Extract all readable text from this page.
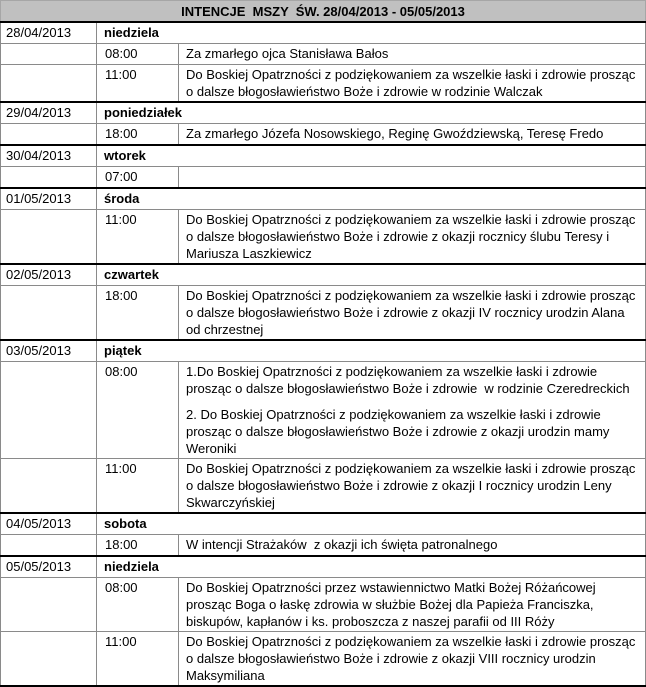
INTENCJE  MSZY  ŚW. 28/04/2013 - 05/05/2013		
28/04/2013	niedziela	
	08:00	Za zmarłego ojca Stanisława Bałos

	11:00	Do Boskiej Opatrzności z podziękowaniem za wszelkie łaski i zdrowie prosząc o dalsze błogosławieństwo Boże i zdrowie w rodzinie Walczak

29/04/2013	poniedziałek	
	18:00	Za zmarłego Józefa Nosowskiego, Reginę Gwoździewską, Teresę Fredo

30/04/2013	wtorek	
	07:00	
01/05/2013	środa	
	11:00	Do Boskiej Opatrzności z podziękowaniem za wszelkie łaski i zdrowie prosząc o dalsze błogosławieństwo Boże i zdrowie z okazji rocznicy ślubu Teresy i Mariusza Laszkiewicz

02/05/2013	czwartek	
	18:00	Do Boskiej Opatrzności z podziękowaniem za wszelkie łaski i zdrowie prosząc o dalsze błogosławieństwo Boże i zdrowie z okazji IV rocznicy urodzin Alana od chrzestnej

03/05/2013	piątek	
	08:00	1.Do Boskiej Opatrzności z podziękowaniem za wszelkie łaski i zdrowie prosząc o dalsze błogosławieństwo Boże i zdrowie  w rodzinie Czeredreckich

2. Do Boskiej Opatrzności z podziękowaniem za wszelkie łaski i zdrowie prosząc o dalsze błogosławieństwo Boże i zdrowie z okazji urodzin mamy Weroniki

	11:00	Do Boskiej Opatrzności z podziękowaniem za wszelkie łaski i zdrowie prosząc o dalsze błogosławieństwo Boże i zdrowie z okazji I rocznicy urodzin Leny Skwarczyńskiej

04/05/2013	sobota	
	18:00	W intencji Strażaków  z okazji ich święta patronalnego

05/05/2013	niedziela	
	08:00	Do Boskiej Opatrzności przez wstawiennictwo Matki Bożej Różańcowej prosząc Boga o łaskę zdrowia w służbie Bożej dla Papieża Franciszka, biskupów, kapłanów i ks. proboszcza z naszej parafii od III Róży

	11:00	Do Boskiej Opatrzności z podziękowaniem za wszelkie łaski i zdrowie prosząc o dalsze błogosławieństwo Boże i zdrowie z okazji VIII rocznicy urodzin Maksymiliana
